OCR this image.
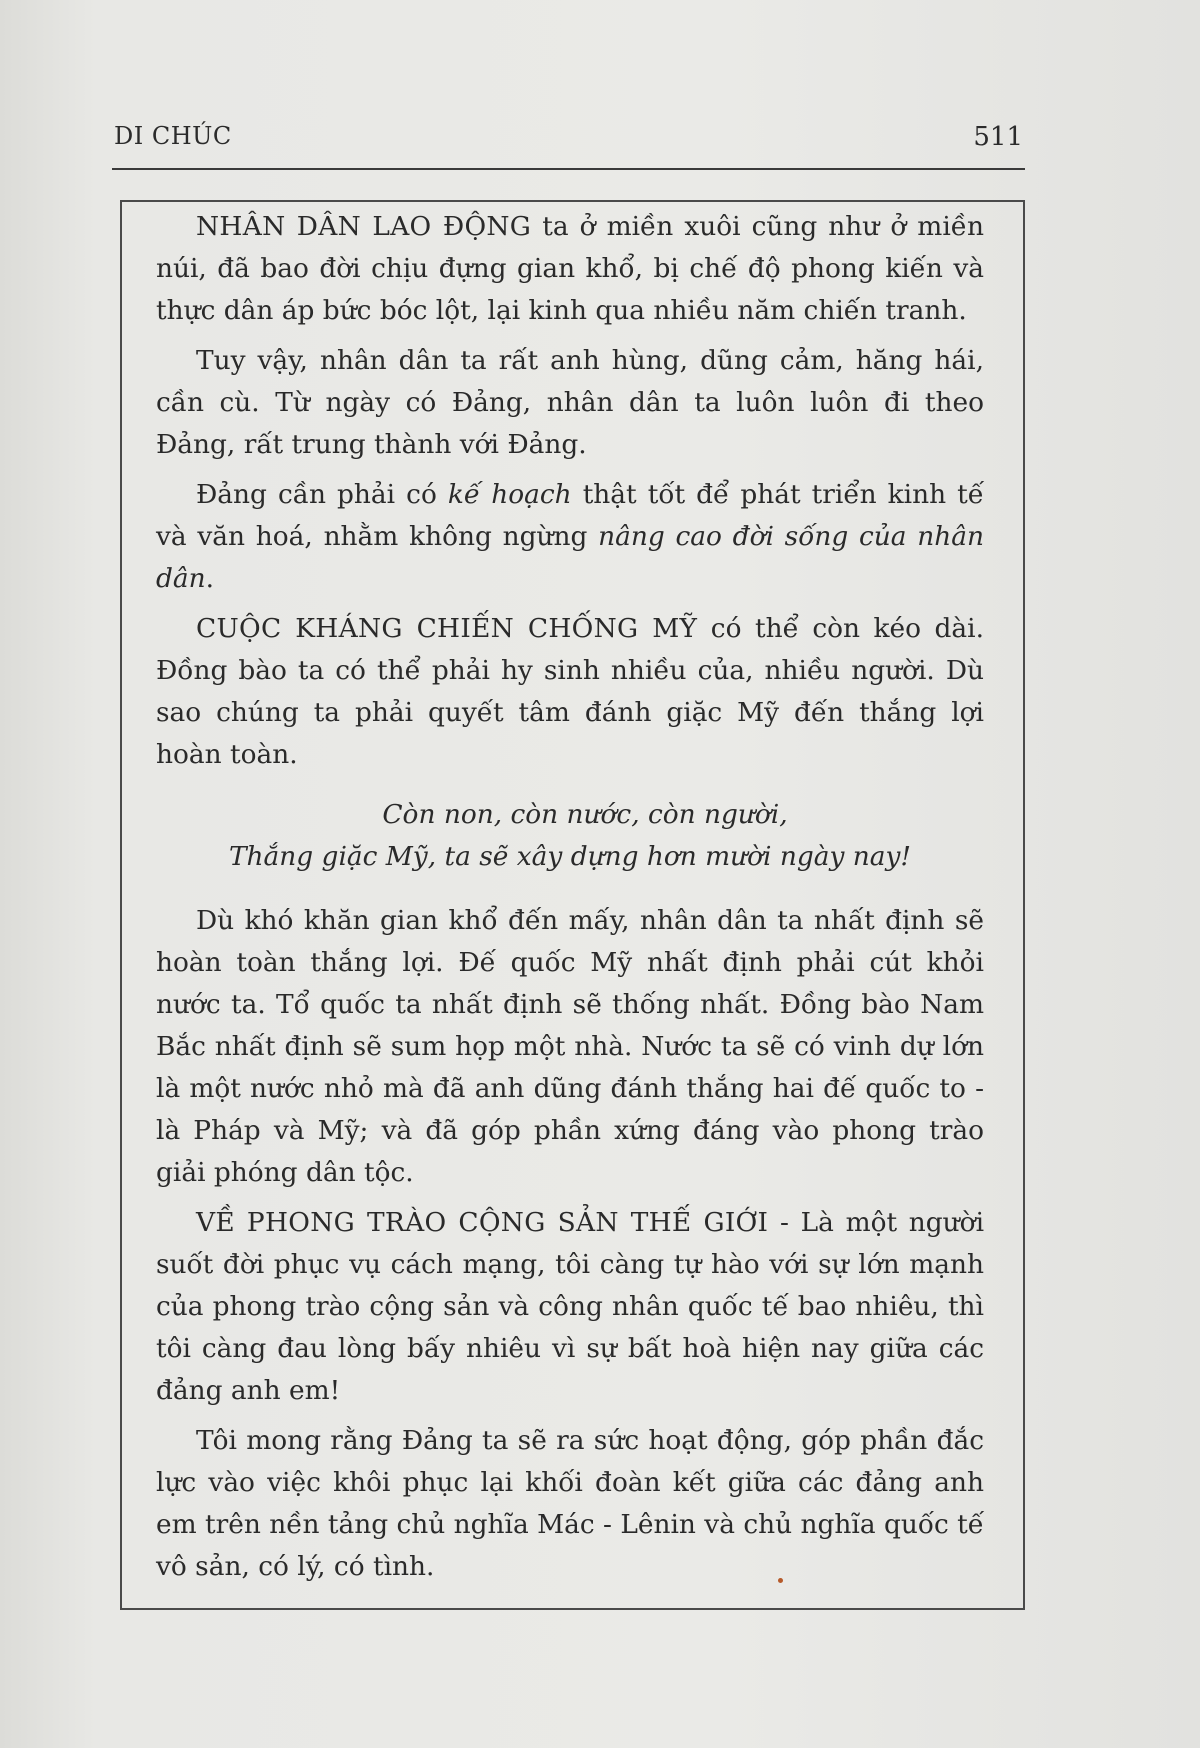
DI CHÚC	511

NHÂN DÂN LAO ĐỘNG ta ở miền xuôi cũng như ở miền núi, đã bao đời chịu đựng gian khổ, bị chế độ phong kiến và thực dân áp bức bóc lột, lại kinh qua nhiều năm chiến tranh.

Tuy vậy, nhân dân ta rất anh hùng, dũng cảm, hăng hái, cần cù. Từ ngày có Đảng, nhân dân ta luôn luôn đi theo Đảng, rất trung thành với Đảng.

Đảng cần phải có kế hoạch thật tốt để phát triển kinh tế và văn hoá, nhằm không ngừng nâng cao đời sống của nhân dân.

CUỘC KHÁNG CHIẾN CHỐNG MỸ có thể còn kéo dài. Đồng bào ta có thể phải hy sinh nhiều của, nhiều người. Dù sao chúng ta phải quyết tâm đánh giặc Mỹ đến thắng lợi hoàn toàn.

Còn non, còn nước, còn người,
Thắng giặc Mỹ, ta sẽ xây dựng hơn mười ngày nay!

Dù khó khăn gian khổ đến mấy, nhân dân ta nhất định sẽ hoàn toàn thắng lợi. Đế quốc Mỹ nhất định phải cút khỏi nước ta. Tổ quốc ta nhất định sẽ thống nhất. Đồng bào Nam Bắc nhất định sẽ sum họp một nhà. Nước ta sẽ có vinh dự lớn là một nước nhỏ mà đã anh dũng đánh thắng hai đế quốc to - là Pháp và Mỹ; và đã góp phần xứng đáng vào phong trào giải phóng dân tộc.

VỀ PHONG TRÀO CỘNG SẢN THẾ GIỚI - Là một người suốt đời phục vụ cách mạng, tôi càng tự hào với sự lớn mạnh của phong trào cộng sản và công nhân quốc tế bao nhiêu, thì tôi càng đau lòng bấy nhiêu vì sự bất hoà hiện nay giữa các đảng anh em!

Tôi mong rằng Đảng ta sẽ ra sức hoạt động, góp phần đắc lực vào việc khôi phục lại khối đoàn kết giữa các đảng anh em trên nền tảng chủ nghĩa Mác - Lênin và chủ nghĩa quốc tế vô sản, có lý, có tình.
